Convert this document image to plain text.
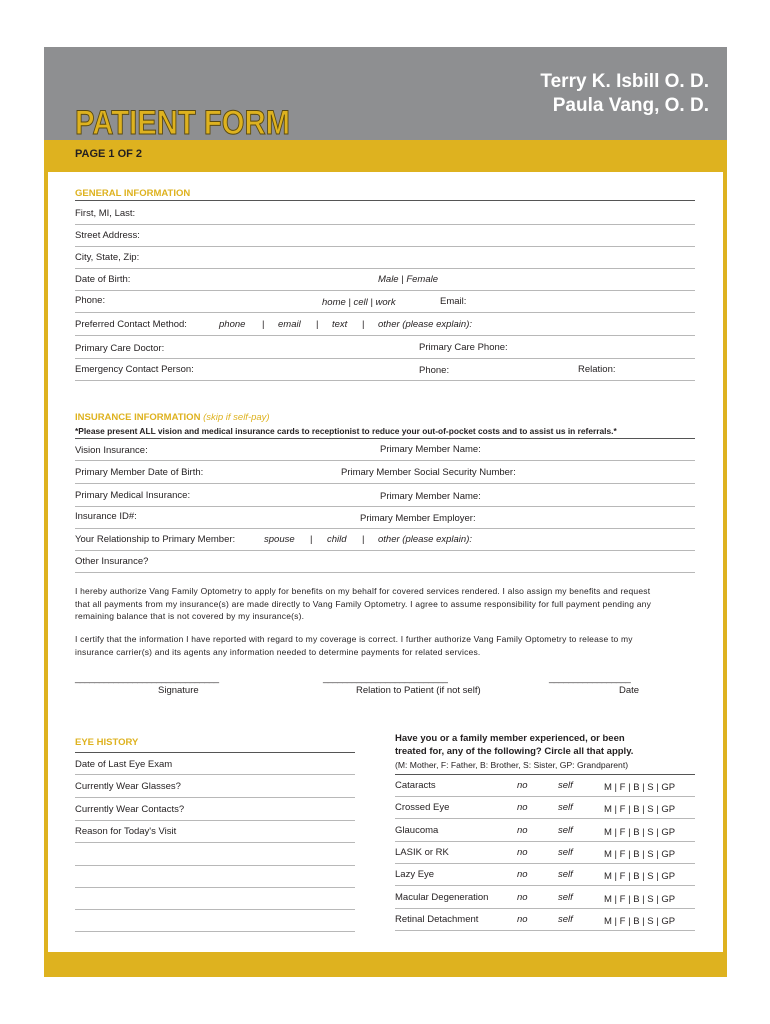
PATIENT FORM
Terry K. Isbill O. D.
Paula Vang, O. D.
PAGE 1 OF 2
GENERAL INFORMATION
First, MI, Last:
Street Address:
City, State, Zip:
Date of Birth:	Male | Female
Phone:	home | cell | work	Email:
Preferred Contact Method:	phone | email | text | other (please explain):
Primary Care Doctor:	Primary Care Phone:
Emergency Contact Person:	Phone:	Relation:
INSURANCE INFORMATION (skip if self-pay)
*Please present ALL vision and medical insurance cards to receptionist to reduce your out-of-pocket costs and to assist us in referrals.*
Vision Insurance:	Primary Member Name:
Primary Member Date of Birth:	Primary Member Social Security Number:
Primary Medical Insurance:	Primary Member Name:
Insurance ID#:	Primary Member Employer:
Your Relationship to Primary Member:	spouse | child | other (please explain):
Other Insurance?
I hereby authorize Vang Family Optometry to apply for benefits on my behalf for covered services rendered. I also assign my benefits and request
that all payments from my insurance(s) are made directly to Vang Family Optometry. I agree to assume responsibility for full payment pending any
remaining balance that is not covered by my insurance(s).
I certify that the information I have reported with regard to my coverage is correct. I further authorize Vang Family Optometry to release to my
insurance carrier(s) and its agents any information needed to determine payments for related services.
______________________________	__________________________	_________________
Signature	Relation to Patient (if not self)	Date
EYE HISTORY
Date of Last Eye Exam
Currently Wear Glasses?
Currently Wear Contacts?
Reason for Today's Visit
Have you or a family member experienced, or been
treated for, any of the following? Circle all that apply.
(M: Mother, F: Father, B: Brother, S: Sister, GP: Grandparent)
Cataracts	no	self	M | F | B | S | GP
Crossed Eye	no	self	M | F | B | S | GP
Glaucoma	no	self	M | F | B | S | GP
LASIK or RK	no	self	M | F | B | S | GP
Lazy Eye	no	self	M | F | B | S | GP
Macular Degeneration	no	self	M | F | B | S | GP
Retinal Detachment	no	self	M | F | B | S | GP
